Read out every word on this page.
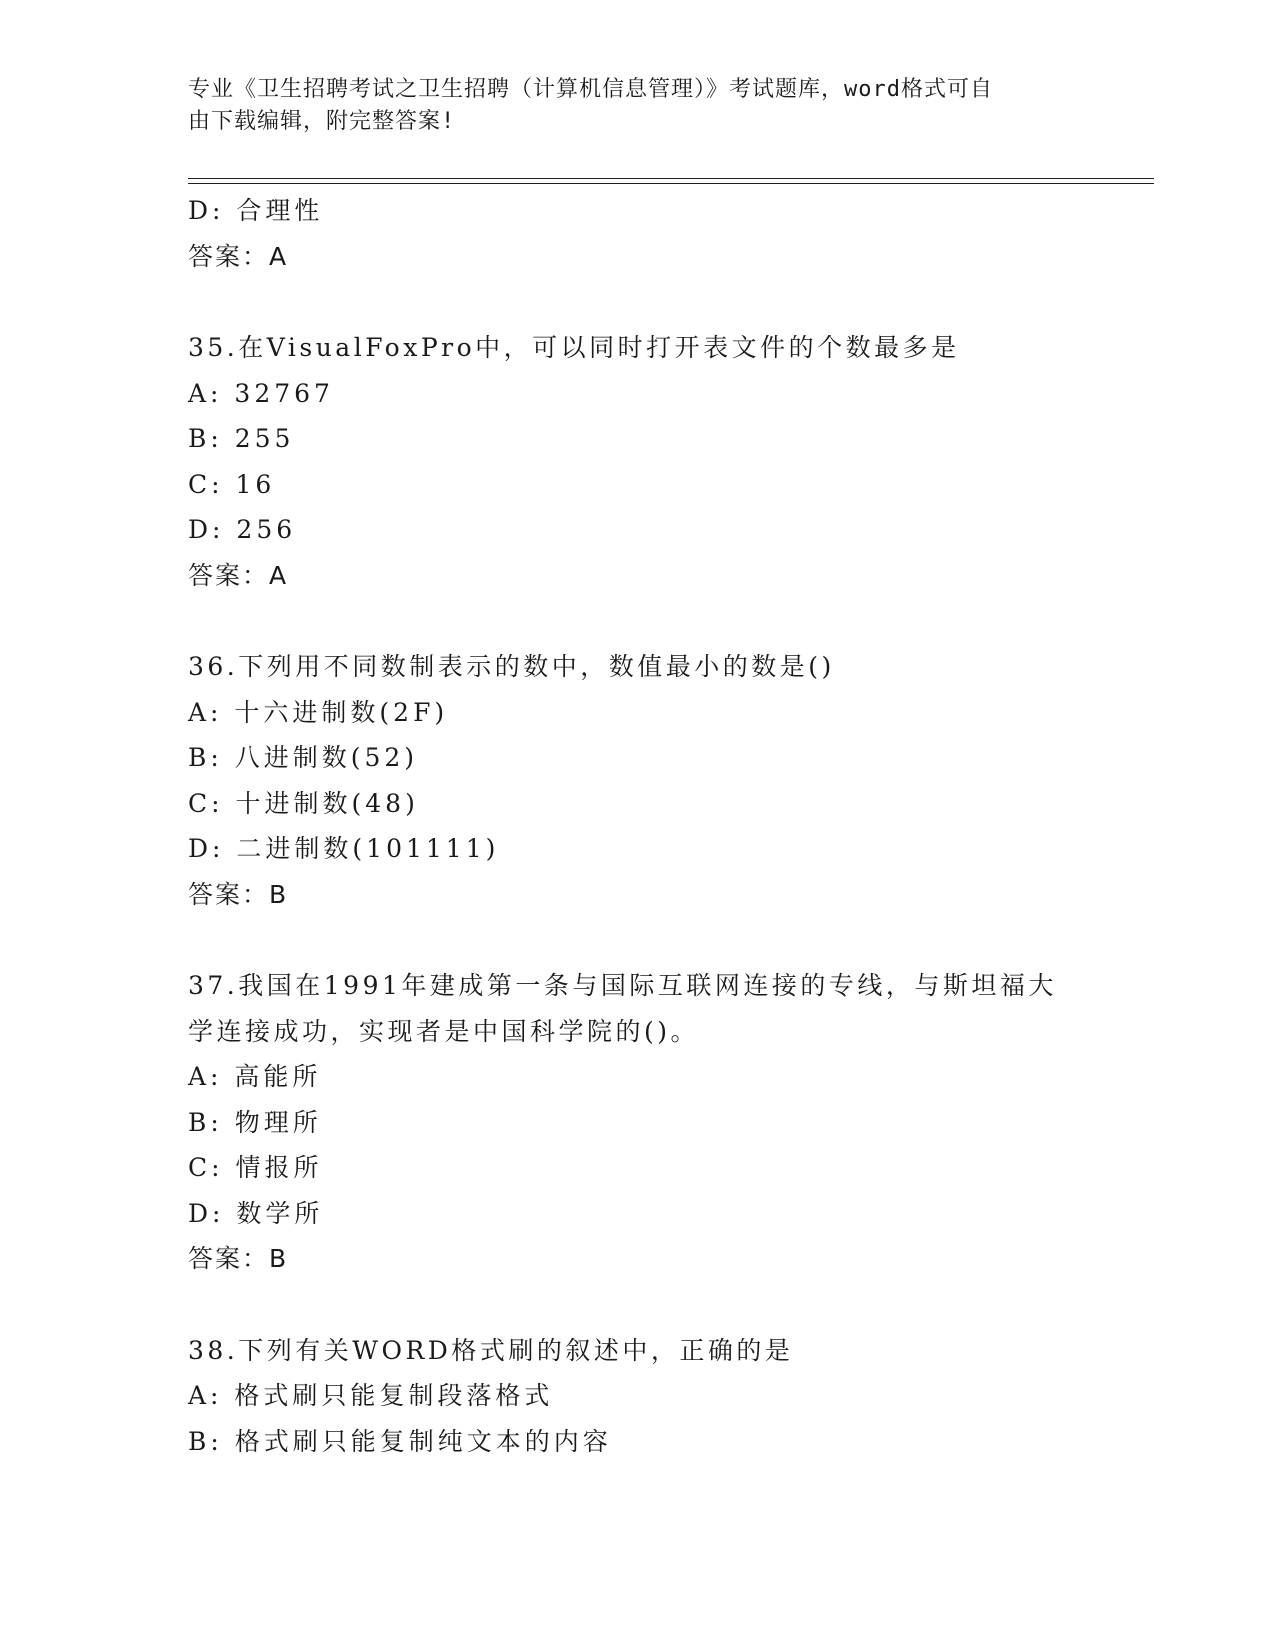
专业《卫生招聘考试之卫生招聘（计算机信息管理）》考试题库，word格式可自
由下载编辑，附完整答案!
D: 合理性
答案：A
35.在VisualFoxPro中，可以同时打开表文件的个数最多是
A: 32767
B: 255
C: 16
D: 256
答案：A
36.下列用不同数制表示的数中，数值最小的数是()
A: 十六进制数(2F)
B: 八进制数(52)
C: 十进制数(48)
D: 二进制数(101111)
答案：B
37.我国在1991年建成第一条与国际互联网连接的专线，与斯坦福大
学连接成功，实现者是中国科学院的()。
A: 高能所
B: 物理所
C: 情报所
D: 数学所
答案：B
38.下列有关WORD格式刷的叙述中，正确的是
A: 格式刷只能复制段落格式
B: 格式刷只能复制纯文本的内容
